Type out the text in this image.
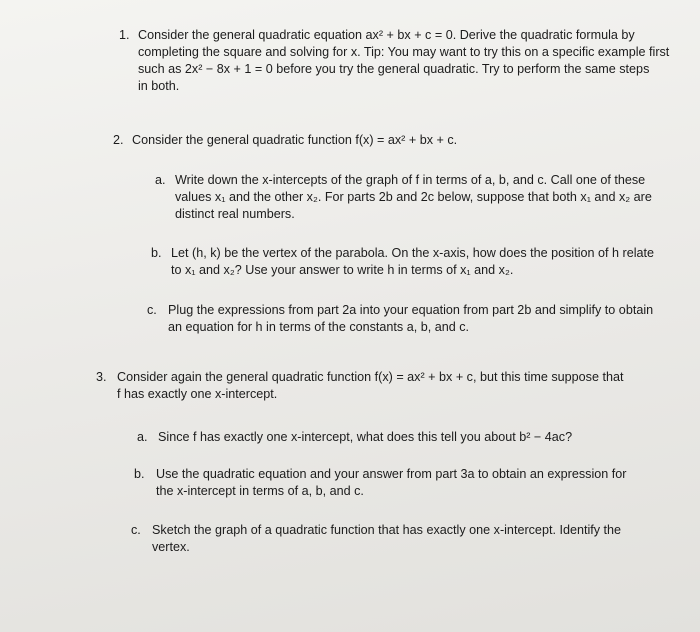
1. Consider the general quadratic equation ax² + bx + c = 0. Derive the quadratic formula by
completing the square and solving for x. Tip: You may want to try this on a specific example first
such as 2x² − 8x + 1 = 0 before you try the general quadratic. Try to perform the same steps
in both.
2. Consider the general quadratic function f(x) = ax² + bx + c.
a. Write down the x-intercepts of the graph of f in terms of a, b, and c. Call one of these
values x₁ and the other x₂. For parts 2b and 2c below, suppose that both x₁ and x₂ are
distinct real numbers.
b. Let (h, k) be the vertex of the parabola. On the x-axis, how does the position of h relate
to x₁ and x₂? Use your answer to write h in terms of x₁ and x₂.
c. Plug the expressions from part 2a into your equation from part 2b and simplify to obtain
an equation for h in terms of the constants a, b, and c.
3. Consider again the general quadratic function f(x) = ax² + bx + c, but this time suppose that
f has exactly one x-intercept.
a. Since f has exactly one x-intercept, what does this tell you about b² − 4ac?
b. Use the quadratic equation and your answer from part 3a to obtain an expression for
the x-intercept in terms of a, b, and c.
c. Sketch the graph of a quadratic function that has exactly one x-intercept. Identify the
vertex.
